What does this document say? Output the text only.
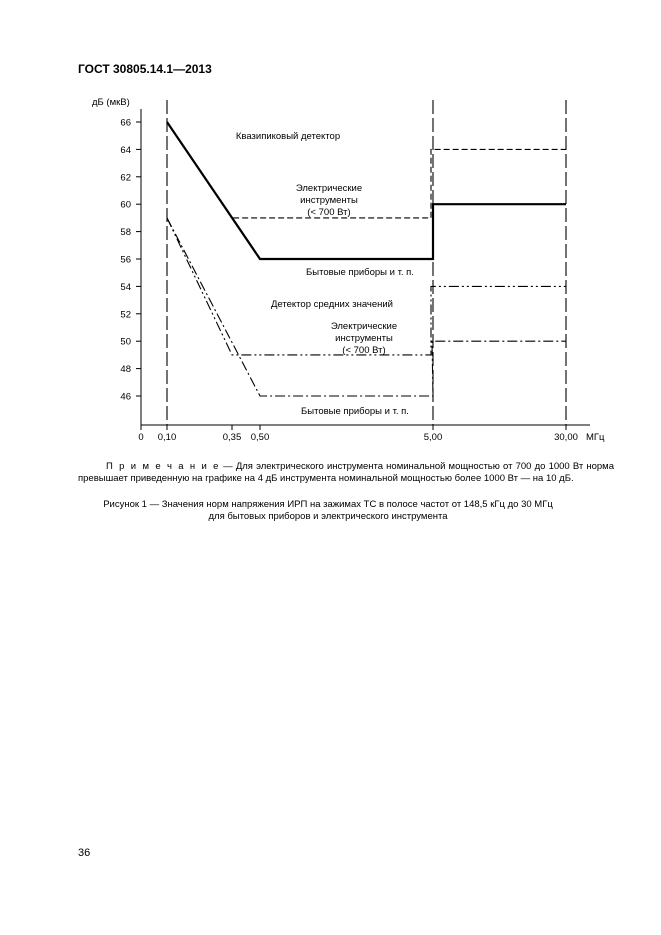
ГОСТ 30805.14.1—2013
46
48
50
52
54
56
58
60
62
64
66
дБ (мкВ)
0 0,10	0,35 0,50	5,00	30,00 МГц
Квазипиковый детектор
Электрические
инструменты
(< 700 Вт)
Бытовые приборы и т. п.
Детектор средних значений
Электрические
инструменты
(< 700 Вт)
Бытовые приборы и т. п.
П р и м е ч а н и е — Для электрического инструмента номинальной мощностью от 700 до 1000 Вт норма
превышает приведенную на графике на 4 дБ инструмента номинальной мощностью более 1000 Вт — на 10 дБ.
Рисунок 1 — Значения норм напряжения ИРП на зажимах ТС в полосе частот от 148,5 кГц до 30 МГц
для бытовых приборов и электрического инструмента
36
